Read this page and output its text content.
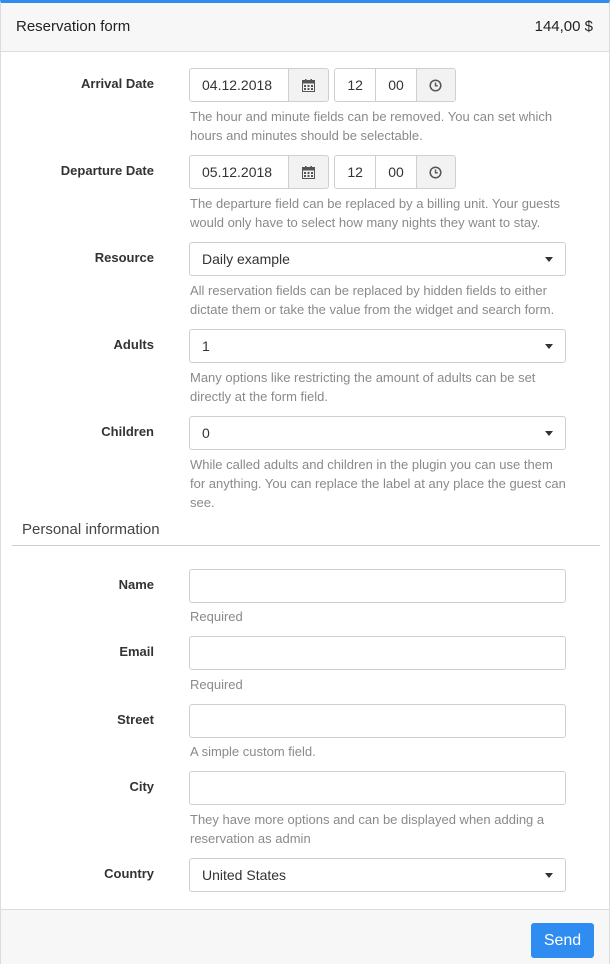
Reservation form	144,00 $
Arrival Date	04.12.2018	12	00
The hour and minute fields can be removed. You can set which hours and minutes should be selectable.
Departure Date	05.12.2018	12	00
The departure field can be replaced by a billing unit. Your guests would only have to select how many nights they want to stay.
Resource	Daily example
All reservation fields can be replaced by hidden fields to either dictate them or take the value from the widget and search form.
Adults	1
Many options like restricting the amount of adults can be set directly at the form field.
Children	0
While called adults and children in the plugin you can use them for anything. You can replace the label at any place the guest can see.
Personal information
Name
Required
Email
Required
Street
A simple custom field.
City
They have more options and can be displayed when adding a reservation as admin
Country	United States
Send
